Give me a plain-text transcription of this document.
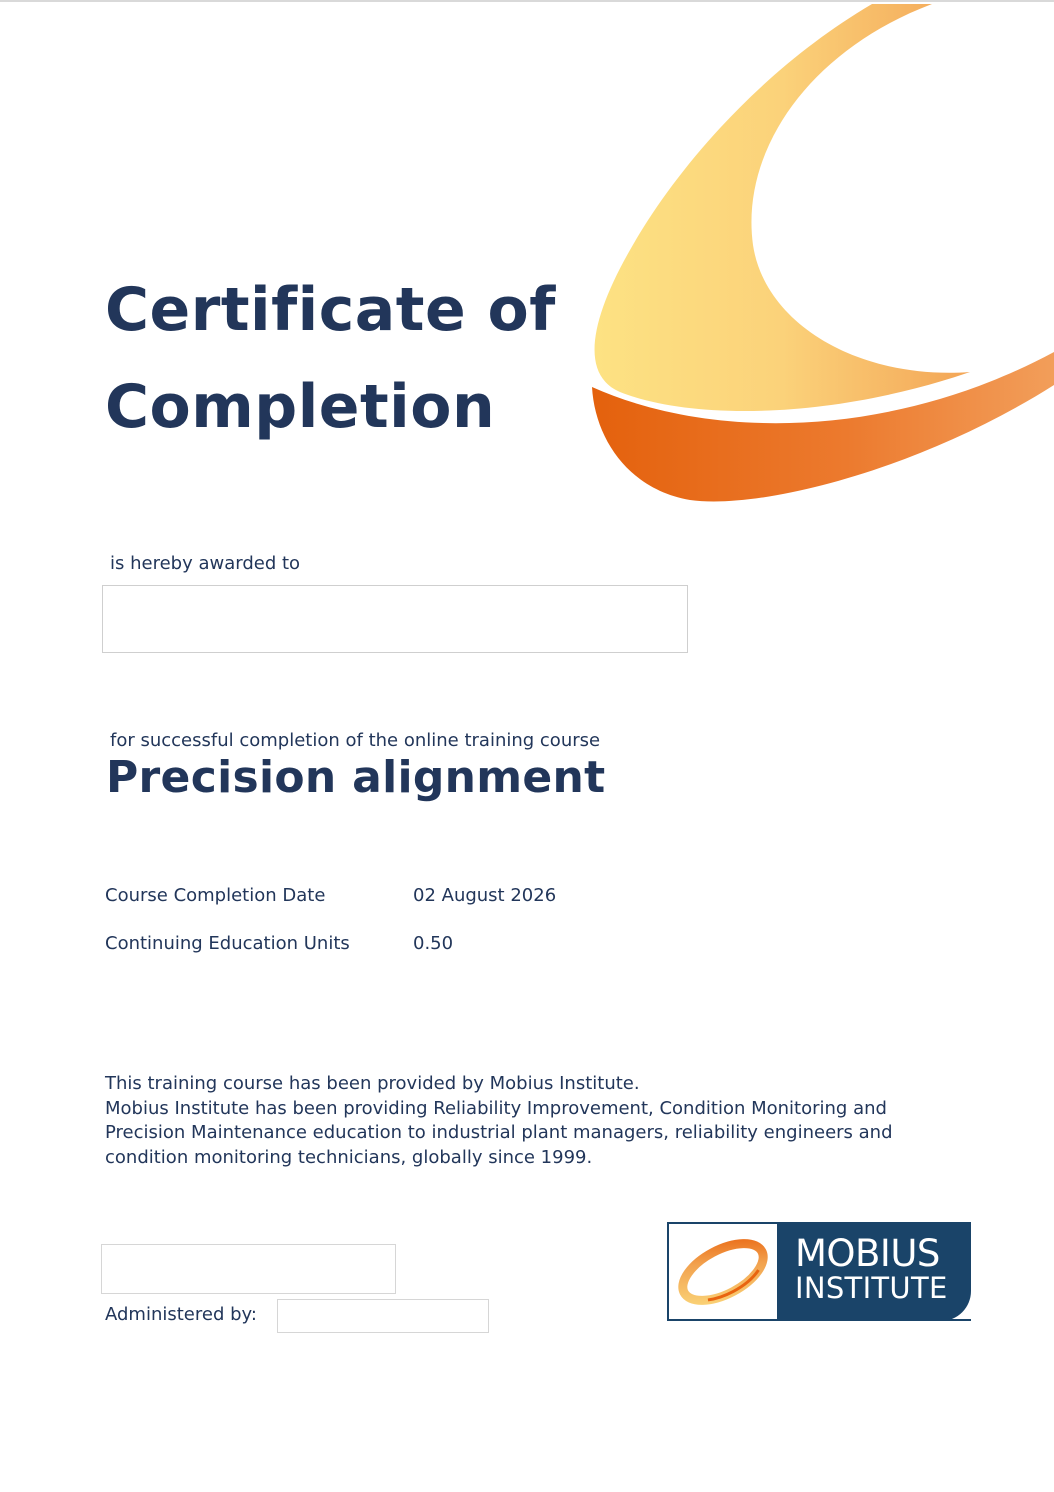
Certificate of
Completion
is hereby awarded to
for successful completion of the online training course
Precision alignment
Course Completion Date	02 August 2026
Continuing Education Units	0.50

This training course has been provided by Mobius Institute.

Mobius Institute has been providing Reliability Improvement, Condition Monitoring and Precision Maintenance education to industrial plant managers, reliability engineers and condition monitoring technicians, globally since 1999.

Administered by:
MOBIUS
INSTITUTE
